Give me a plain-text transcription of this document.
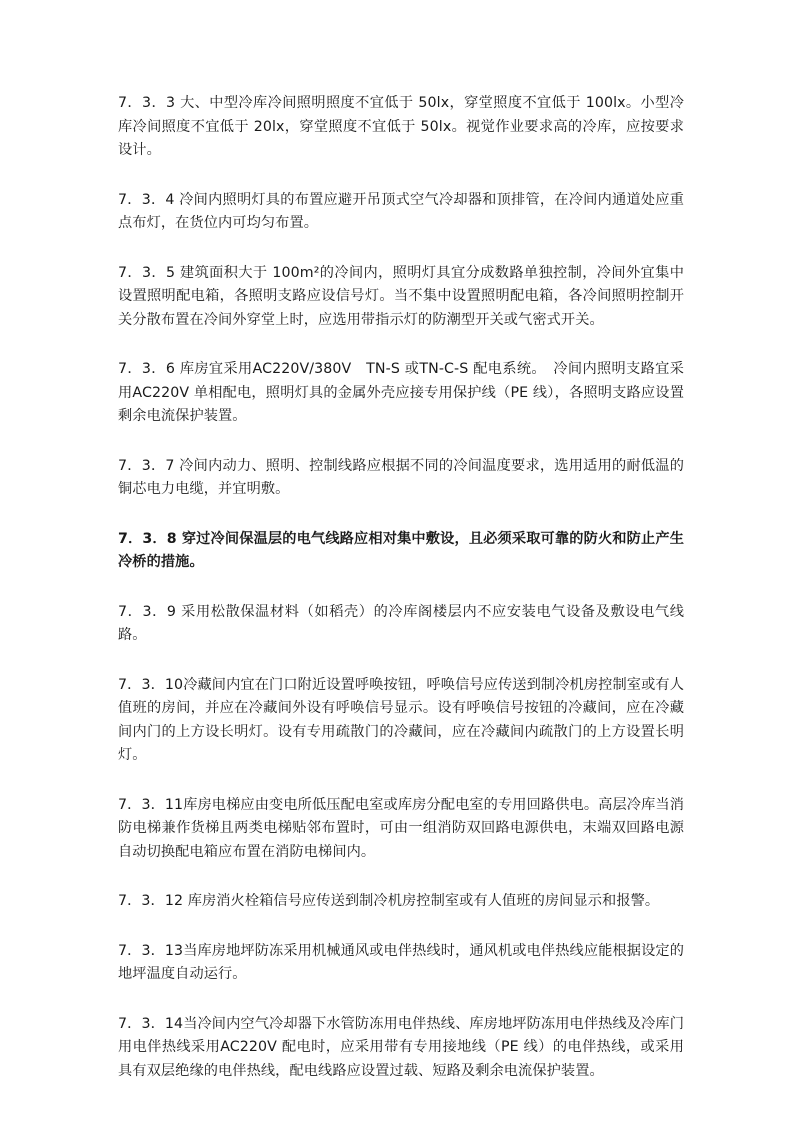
7．3．3 大、中型冷库冷间照明照度不宜低于 50lx，穿堂照度不宜低于 100lx。小型冷库冷间照度不宜低于 20lx，穿堂照度不宜低于 50lx。视觉作业要求高的冷库，应按要求设计。

7．3．4 冷间内照明灯具的布置应避开吊顶式空气冷却器和顶排管，在冷间内通道处应重点布灯，在货位内可均匀布置。

7．3．5 建筑面积大于 100m²的冷间内，照明灯具宜分成数路单独控制，冷间外宜集中设置照明配电箱，各照明支路应设信号灯。当不集中设置照明配电箱，各冷间照明控制开关分散布置在冷间外穿堂上时，应选用带指示灯的防潮型开关或气密式开关。

7．3．6 库房宜采用AC220V/380V　TN-S 或TN-C-S 配电系统。　冷间内照明支路宜采用AC220V 单相配电，照明灯具的金属外壳应接专用保护线（PE 线），各照明支路应设置剩余电流保护装置。

7．3．7 冷间内动力、照明、控制线路应根据不同的冷间温度要求，选用适用的耐低温的铜芯电力电缆，并宜明敷。

7．3．8 穿过冷间保温层的电气线路应相对集中敷设，且必须采取可靠的防火和防止产生冷桥的措施。

7．3．9 采用松散保温材料（如稻壳）的冷库阁楼层内不应安装电气设备及敷设电气线路。

7．3．10冷藏间内宜在门口附近设置呼唤按钮，呼唤信号应传送到制冷机房控制室或有人值班的房间，并应在冷藏间外设有呼唤信号显示。设有呼唤信号按钮的冷藏间，应在冷藏间内门的上方设长明灯。设有专用疏散门的冷藏间，应在冷藏间内疏散门的上方设置长明灯。

7．3．11库房电梯应由变电所低压配电室或库房分配电室的专用回路供电。高层冷库当消防电梯兼作货梯且两类电梯贴邻布置时，可由一组消防双回路电源供电，末端双回路电源自动切换配电箱应布置在消防电梯间内。

7．3．12 库房消火栓箱信号应传送到制冷机房控制室或有人值班的房间显示和报警。

7．3．13当库房地坪防冻采用机械通风或电伴热线时，通风机或电伴热线应能根据设定的地坪温度自动运行。

7．3．14当冷间内空气冷却器下水管防冻用电伴热线、库房地坪防冻用电伴热线及冷库门用电伴热线采用AC220V 配电时，应采用带有专用接地线（PE 线）的电伴热线，或采用具有双层绝缘的电伴热线，配电线路应设置过载、短路及剩余电流保护装置。
